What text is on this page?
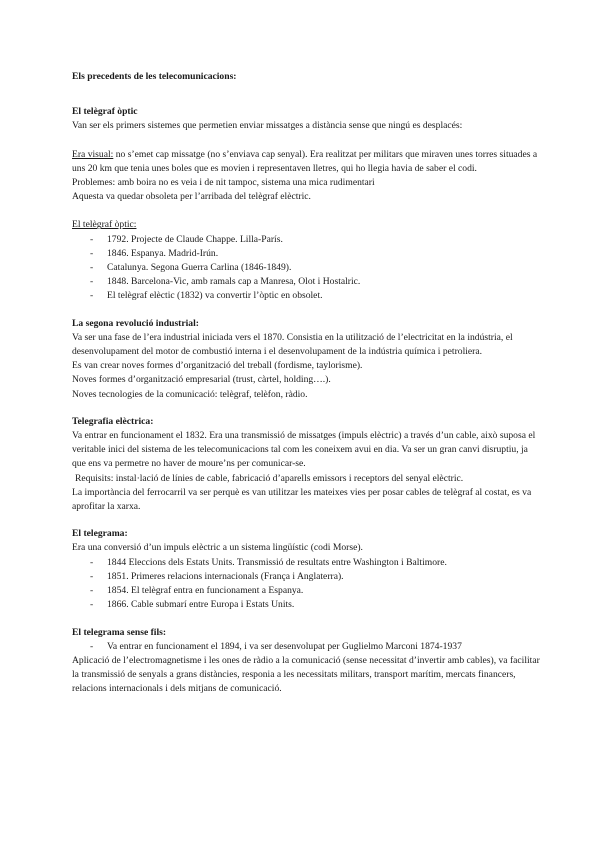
Els precedents de les telecomunicacions:

El telègraf òptic

Van ser els primers sistemes que permetien enviar missatges a distància sense que ningú es desplacés:

Era visual: no s’emet cap missatge (no s’enviava cap senyal). Era realitzat per militars que miraven unes torres situades a uns 20 km que tenia unes boles que es movien i representaven lletres, qui ho llegia havia de saber el codi.

Problemes: amb boira no es veia i de nit tampoc, sistema una mica rudimentari

Aquesta va quedar obsoleta per l’arribada del telègraf elèctric.

El telègraf òptic:

- 1792. Projecte de Claude Chappe. Lilla-París.
- 1846. Espanya. Madrid-Irún.
- Catalunya. Segona Guerra Carlina (1846-1849).
- 1848. Barcelona-Vic, amb ramals cap a Manresa, Olot i Hostalric.
- El telègraf elèctic (1832) va convertir l’òptic en obsolet.

La segona revolució industrial:

Va ser una fase de l’era industrial iniciada vers el 1870. Consistia en la utilització de l’electricitat en la indústria, el desenvolupament del motor de combustió interna i el desenvolupament de la indústria química i petroliera.

Es van crear noves formes d’organització del treball (fordisme, taylorisme).

Noves formes d’organització empresarial (trust, càrtel, holding….).

Noves tecnologies de la comunicació: telègraf, telèfon, ràdio.

Telegrafia elèctrica:

Va entrar en funcionament el 1832. Era una transmissió de missatges (impuls elèctric) a través d’un cable, això suposa el veritable inici del sistema de les telecomunicacions tal com les coneixem avui en dia. Va ser un gran canvi disruptiu, ja que ens va permetre no haver de moure’ns per comunicar-se.

Requisits: instal·lació de línies de cable, fabricació d’aparells emissors i receptors del senyal elèctric.

La importància del ferrocarril va ser perquè es van utilitzar les mateixes vies per posar cables de telègraf al costat, es va aprofitar la xarxa.

El telegrama:

Era una conversió d’un impuls elèctric a un sistema lingüístic (codi Morse).

- 1844 Eleccions dels Estats Units. Transmissió de resultats entre Washington i Baltimore.
- 1851. Primeres relacions internacionals (França i Anglaterra).
- 1854. El telègraf entra en funcionament a Espanya.
- 1866. Cable submarí entre Europa i Estats Units.

El telegrama sense fils:

- Va entrar en funcionament el 1894, i va ser desenvolupat per Guglielmo Marconi 1874-1937

Aplicació de l’electromagnetisme i les ones de ràdio a la comunicació (sense necessitat d’invertir amb cables), va facilitar la transmissió de senyals a grans distàncies, responia a les necessitats militars, transport marítim, mercats financers, relacions internacionals i dels mitjans de comunicació.
